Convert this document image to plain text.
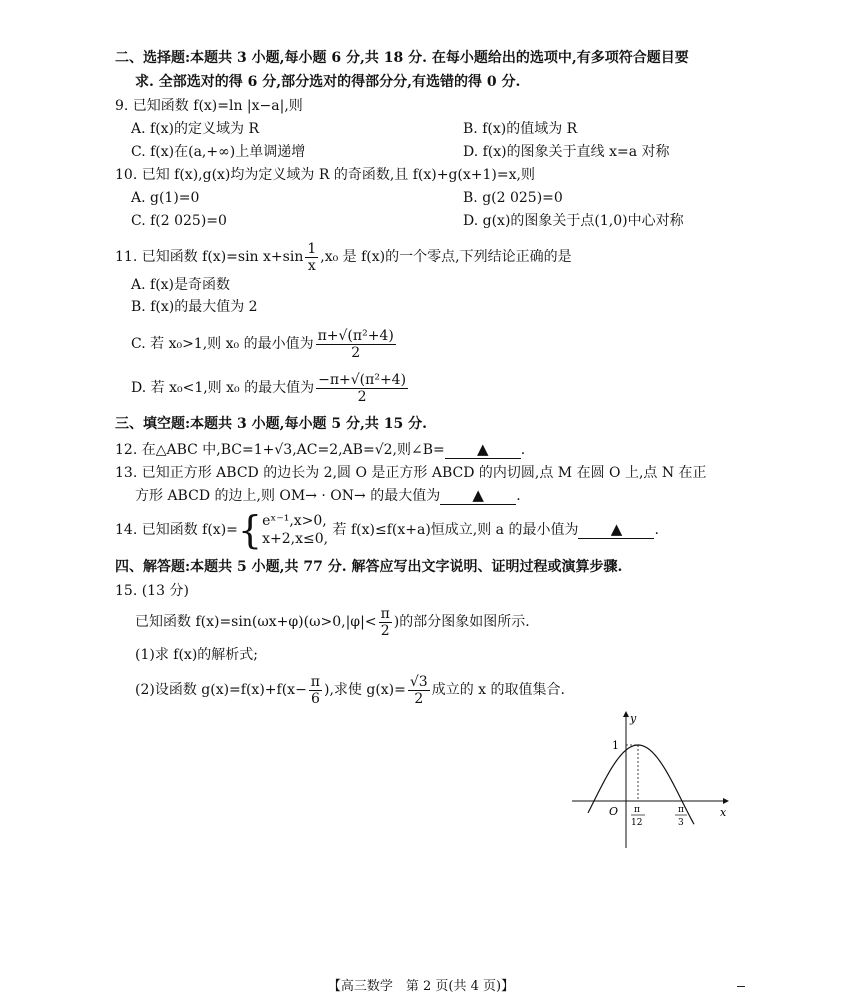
二、选择题:本题共 3 小题,每小题 6 分,共 18 分. 在每小题给出的选项中,有多项符合题目要
求. 全部选对的得 6 分,部分选对的得部分分,有选错的得 0 分.
9. 已知函数 f(x)=ln |x−a|,则
A. f(x)的定义域为 R	B. f(x)的值域为 R
C. f(x)在(a,+∞)上单调递增	D. f(x)的图象关于直线 x=a 对称
10. 已知 f(x),g(x)均为定义域为 R 的奇函数,且 f(x)+g(x+1)=x,则
A. g(1)=0	B. g(2 025)=0
C. f(2 025)=0	D. g(x)的图象关于点(1,0)中心对称
11. 已知函数 f(x)=sin $x+\sin \frac{1}{x} ,x_0$ 是 f(x)的一个零点,下列结论正确的是
A. f(x)是奇函数
B. f(x)的最大值为 2
C. 若 x₀>1,则 x₀ 的最小值为 $\frac{\text{π+√(π²+4)}}{2}$
D. 若 x₀<1,则 x₀ 的最大值为 $\frac{\text{−π+√(π²+4)}}{2}$
三、填空题:本题共 3 小题,每小题 5 分,共 15 分.
12. 在△ABC 中,BC=1+√3,AC=2,AB=√2,则∠B= ▲ .
13. 已知正方形 ABCD 的边长为 2,圆 O 是正方形 ABCD 的内切圆,点 M 在圆 O 上,点 N 在正
方形 ABCD 的边上,则 OM→ · ON→ 的最大值为 ▲ .
14. 已知函数 f(x)={ eˣ⁻¹,x>0,
x+2,x≤0,
若 f(x)≤f(x+a)恒成立,则 a 的最小值为 ▲ .
四、解答题:本题共 5 小题,共 77 分. 解答应写出文字说明、证明过程或演算步骤.
15. (13 分)
已知函数 $f(x)=\sin(\omega x+\varphi)(\omega>0,|\varphi|< \frac{\pi}{2}$ )的部分图象如图所示.
(1)求 f(x)的解析式;
(2)设函数 $g(x)=f(x)+f(x- \frac{\pi}{6}$ ),求使 $g(x)= \frac{√3}{2}$ 成立的 x 的取值集合.
y
x
O
1
π
12
π
3
【高三数学　第 2 页(共 4 页)】
